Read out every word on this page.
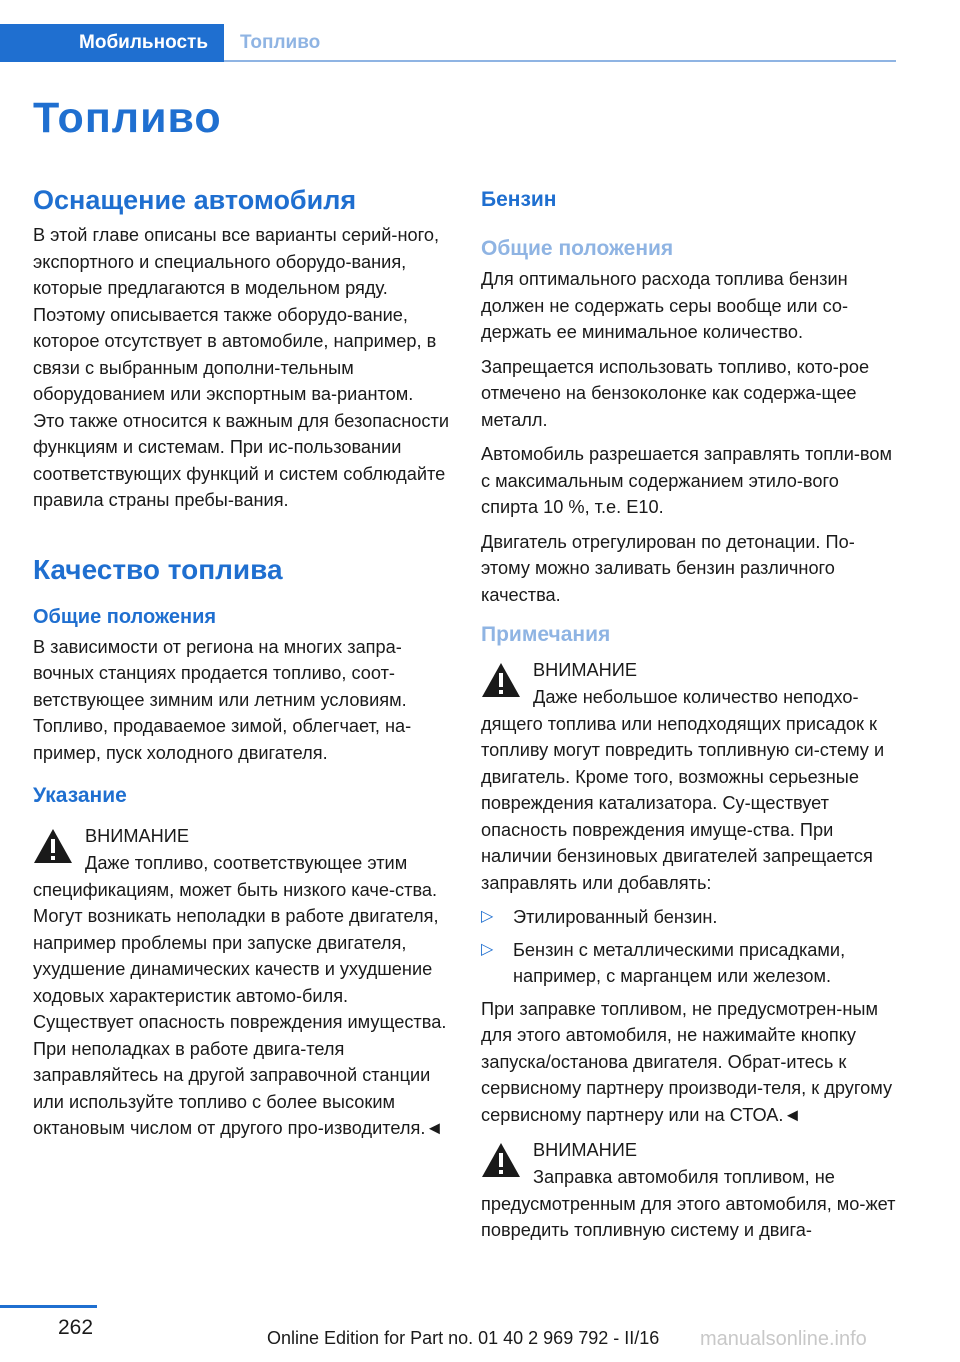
Мобильность Топливо
Топливо
Оснащение автомобиля

В этой главе описаны все варианты серий-ного, экспортного и специального оборудо-вания, которые предлагаются в модельном ряду. Поэтому описывается также оборудо-вание, которое отсутствует в автомобиле, например, в связи с выбранным дополни-тельным оборудованием или экспортным ва-риантом. Это также относится к важным для безопасности функциям и системам. При ис-пользовании соответствующих функций и систем соблюдайте правила страны пребы-вания.

Качество топлива
Общие положения

В зависимости от региона на многих запра-вочных станциях продается топливо, соот-ветствующее зимним или летним условиям. Топливо, продаваемое зимой, облегчает, на-пример, пуск холодного двигателя.

Указание
ВНИМАНИЕ

Даже топливо, соответствующее этим спецификациям, может быть низкого каче-ства. Могут возникать неполадки в работе двигателя, например проблемы при запуске двигателя, ухудшение динамических качеств и ухудшение ходовых характеристик автомо-биля. Существует опасность повреждения имущества. При неполадках в работе двига-теля заправляйтесь на другой заправочной станции или используйте топливо с более высоким октановым числом от другого про-изводителя.◄

Бензин
Общие положения

Для оптимального расхода топлива бензин должен не содержать серы вообще или со-держать ее минимальное количество.

Запрещается использовать топливо, кото-рое отмечено на бензоколонке как содержа-щее металл.

Автомобиль разрешается заправлять топли-вом с максимальным содержанием этило-вого спирта 10 %, т.е. E10.

Двигатель отрегулирован по детонации. По-этому можно заливать бензин различного качества.

Примечания
ВНИМАНИЕ

Даже небольшое количество неподхо-дящего топлива или неподходящих присадок к топливу могут повредить топливную си-стему и двигатель. Кроме того, возможны серьезные повреждения катализатора. Су-ществует опасность повреждения имуще-ства. При наличии бензиновых двигателей запрещается заправлять или добавлять:

▷ Этилированный бензин.
▷ Бензин с металлическими присадками, например, с марганцем или железом.

При заправке топливом, не предусмотрен-ным для этого автомобиля, не нажимайте кнопку запуска/останова двигателя. Обрат-итесь к сервисному партнеру производи-теля, к другому сервисному партнеру или на СТОА.◄

ВНИМАНИЕ

Заправка автомобиля топливом, не предусмотренным для этого автомобиля, мо-жет повредить топливную систему и двига-

262	Online Edition for Part no. 01 40 2 969 792 - II/16 manualsonline.info
